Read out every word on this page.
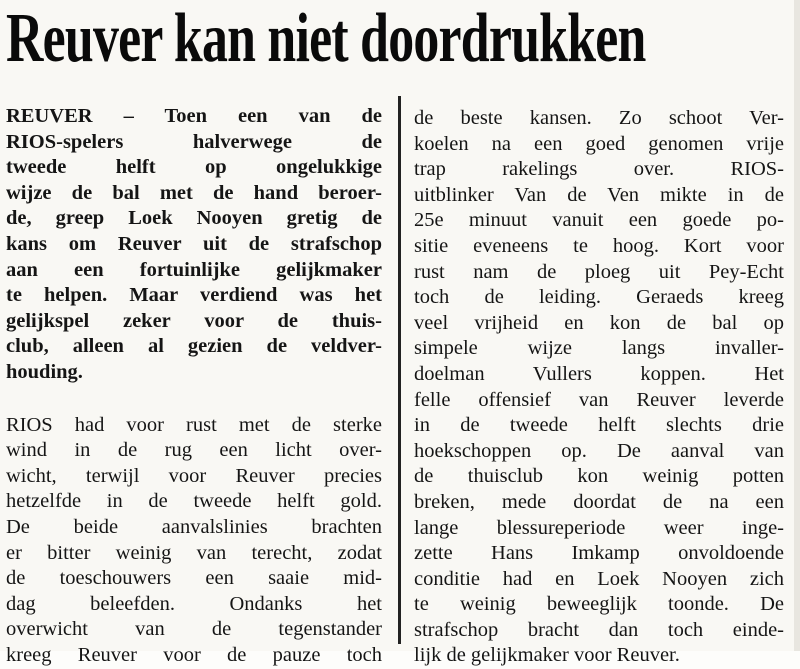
Reuver kan niet doordrukken
REUVER – Toen een van de
RIOS-spelers halverwege de
tweede helft op ongelukkige
wijze de bal met de hand beroer-
de, greep Loek Nooyen gretig de
kans om Reuver uit de strafschop
aan een fortuinlijke gelijkmaker
te helpen. Maar verdiend was het
gelijkspel zeker voor de thuis-
club, alleen al gezien de veldver-
houding.
RIOS had voor rust met de sterke
wind in de rug een licht over-
wicht, terwijl voor Reuver precies
hetzelfde in de tweede helft gold.
De beide aanvalslinies brachten
er bitter weinig van terecht, zodat
de toeschouwers een saaie mid-
dag beleefden. Ondanks het
overwicht van de tegenstander
kreeg Reuver voor de pauze toch
de beste kansen. Zo schoot Ver-
koelen na een goed genomen vrije
trap rakelings over. RIOS-
uitblinker Van de Ven mikte in de
25e minuut vanuit een goede po-
sitie eveneens te hoog. Kort voor
rust nam de ploeg uit Pey-Echt
toch de leiding. Geraeds kreeg
veel vrijheid en kon de bal op
simpele wijze langs invaller-
doelman Vullers koppen. Het
felle offensief van Reuver leverde
in de tweede helft slechts drie
hoekschoppen op. De aanval van
de thuisclub kon weinig potten
breken, mede doordat de na een
lange blessureperiode weer inge-
zette Hans Imkamp onvoldoende
conditie had en Loek Nooyen zich
te weinig beweeglijk toonde. De
strafschop bracht dan toch einde-
lijk de gelijkmaker voor Reuver.
